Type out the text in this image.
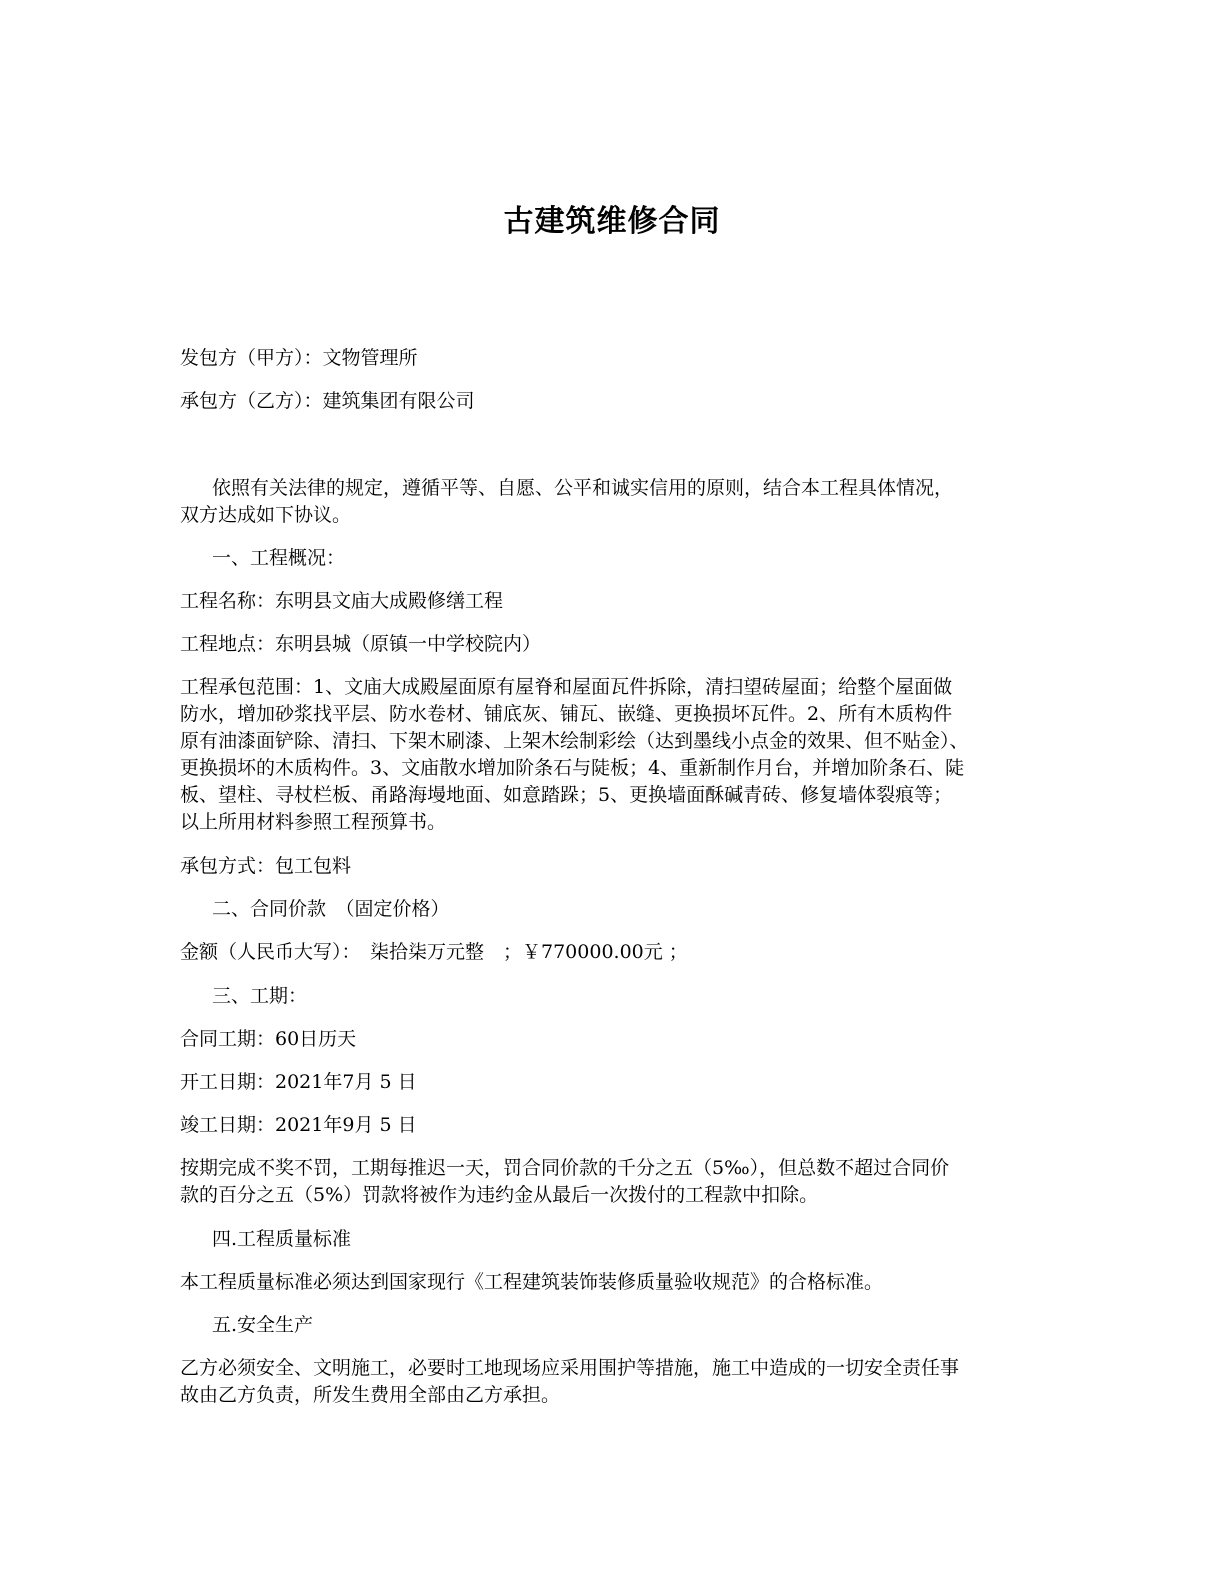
古建筑维修合同
发包方（甲方）：文物管理所
承包方（乙方）：建筑集团有限公司
依照有关法律的规定，遵循平等、自愿、公平和诚实信用的原则，结合本工程具体情况，
双方达成如下协议。
一、工程概况：
工程名称：东明县文庙大成殿修缮工程
工程地点：东明县城（原镇一中学校院内）
工程承包范围：1、文庙大成殿屋面原有屋脊和屋面瓦件拆除，清扫望砖屋面；给整个屋面做
防水，增加砂浆找平层、防水卷材、铺底灰、铺瓦、嵌缝、更换损坏瓦件。2、所有木质构件
原有油漆面铲除、清扫、下架木刷漆、上架木绘制彩绘（达到墨线小点金的效果、但不贴金）、
更换损坏的木质构件。3、文庙散水增加阶条石与陡板；4、重新制作月台，并增加阶条石、陡
板、望柱、寻杖栏板、甬路海墁地面、如意踏跺；5、更换墙面酥碱青砖、修复墙体裂痕等；
以上所用材料参照工程预算书。
承包方式：包工包料
二、合同价款　（固定价格）
金额（人民币大写）：　柒拾柒万元整　；￥770000.00元 ；
三、工期：
合同工期：60日历天
开工日期：2021年7月 5 日
竣工日期：2021年9月 5 日
按期完成不奖不罚，工期每推迟一天，罚合同价款的千分之五（5‰），但总数不超过合同价
款的百分之五（5%）罚款将被作为违约金从最后一次拨付的工程款中扣除。
四.工程质量标准
本工程质量标准必须达到国家现行《工程建筑装饰装修质量验收规范》的合格标准。
五.安全生产
乙方必须安全、文明施工，必要时工地现场应采用围护等措施，施工中造成的一切安全责任事
故由乙方负责，所发生费用全部由乙方承担。
